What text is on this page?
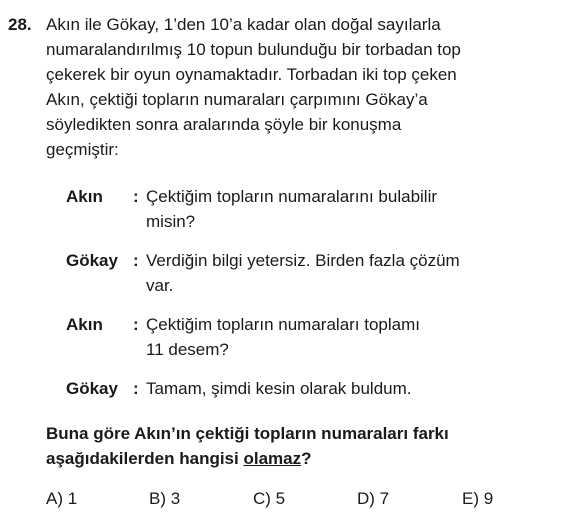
28. Akın ile Gökay, 1’den 10’a kadar olan doğal sayılarla
numaralandırılmış 10 topun bulunduğu bir torbadan top
çekerek bir oyun oynamaktadır. Torbadan iki top çeken
Akın, çektiği topların numaraları çarpımını Gökay’a
söyledikten sonra aralarında şöyle bir konuşma
geçmiştir:
Akın : Çektiğim topların numaralarını bulabilir
misin?
Gökay : Verdiğin bilgi yetersiz. Birden fazla çözüm
var.
Akın : Çektiğim topların numaraları toplamı
11 desem?
Gökay : Tamam, şimdi kesin olarak buldum.
Buna göre Akın’ın çektiği topların numaraları farkı
aşağıdakilerden hangisi olamaz?
A) 1	B) 3	C) 5	D) 7	E) 9
